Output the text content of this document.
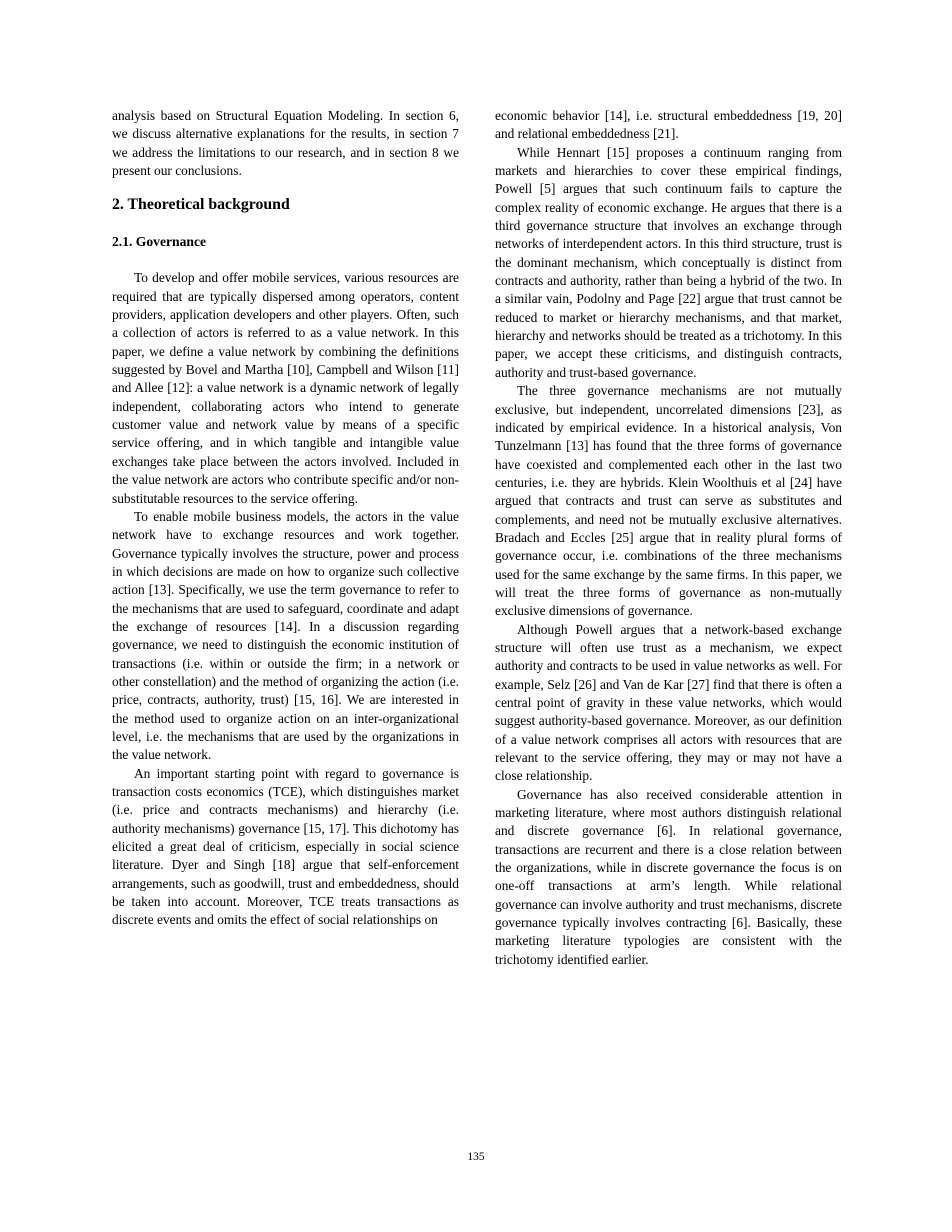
analysis based on Structural Equation Modeling. In section 6, we discuss alternative explanations for the results, in section 7 we address the limitations to our research, and in section 8 we present our conclusions.

2. Theoretical background
2.1. Governance

To develop and offer mobile services, various resources are required that are typically dispersed among operators, content providers, application developers and other players. Often, such a collection of actors is referred to as a value network. In this paper, we define a value network by combining the definitions suggested by Bovel and Martha [10], Campbell and Wilson [11] and Allee [12]: a value network is a dynamic network of legally independent, collaborating actors who intend to generate customer value and network value by means of a specific service offering, and in which tangible and intangible value exchanges take place between the actors involved. Included in the value network are actors who contribute specific and/or non-substitutable resources to the service offering.

To enable mobile business models, the actors in the value network have to exchange resources and work together. Governance typically involves the structure, power and process in which decisions are made on how to organize such collective action [13]. Specifically, we use the term governance to refer to the mechanisms that are used to safeguard, coordinate and adapt the exchange of resources [14]. In a discussion regarding governance, we need to distinguish the economic institution of transactions (i.e. within or outside the firm; in a network or other constellation) and the method of organizing the action (i.e. price, contracts, authority, trust) [15, 16]. We are interested in the method used to organize action on an inter-organizational level, i.e. the mechanisms that are used by the organizations in the value network.

An important starting point with regard to governance is transaction costs economics (TCE), which distinguishes market (i.e. price and contracts mechanisms) and hierarchy (i.e. authority mechanisms) governance [15, 17]. This dichotomy has elicited a great deal of criticism, especially in social science literature. Dyer and Singh [18] argue that self-enforcement arrangements, such as goodwill, trust and embeddedness, should be taken into account. Moreover, TCE treats transactions as discrete events and omits the effect of social relationships on

economic behavior [14], i.e. structural embeddedness [19, 20] and relational embeddedness [21].

While Hennart [15] proposes a continuum ranging from markets and hierarchies to cover these empirical findings, Powell [5] argues that such continuum fails to capture the complex reality of economic exchange. He argues that there is a third governance structure that involves an exchange through networks of interdependent actors. In this third structure, trust is the dominant mechanism, which conceptually is distinct from contracts and authority, rather than being a hybrid of the two. In a similar vain, Podolny and Page [22] argue that trust cannot be reduced to market or hierarchy mechanisms, and that market, hierarchy and networks should be treated as a trichotomy. In this paper, we accept these criticisms, and distinguish contracts, authority and trust-based governance.

The three governance mechanisms are not mutually exclusive, but independent, uncorrelated dimensions [23], as indicated by empirical evidence. In a historical analysis, Von Tunzelmann [13] has found that the three forms of governance have coexisted and complemented each other in the last two centuries, i.e. they are hybrids. Klein Woolthuis et al [24] have argued that contracts and trust can serve as substitutes and complements, and need not be mutually exclusive alternatives. Bradach and Eccles [25] argue that in reality plural forms of governance occur, i.e. combinations of the three mechanisms used for the same exchange by the same firms. In this paper, we will treat the three forms of governance as non-mutually exclusive dimensions of governance.

Although Powell argues that a network-based exchange structure will often use trust as a mechanism, we expect authority and contracts to be used in value networks as well. For example, Selz [26] and Van de Kar [27] find that there is often a central point of gravity in these value networks, which would suggest authority-based governance. Moreover, as our definition of a value network comprises all actors with resources that are relevant to the service offering, they may or may not have a close relationship.

Governance has also received considerable attention in marketing literature, where most authors distinguish relational and discrete governance [6]. In relational governance, transactions are recurrent and there is a close relation between the organizations, while in discrete governance the focus is on one-off transactions at arm’s length. While relational governance can involve authority and trust mechanisms, discrete governance typically involves contracting [6]. Basically, these marketing literature typologies are consistent with the trichotomy identified earlier.

135
